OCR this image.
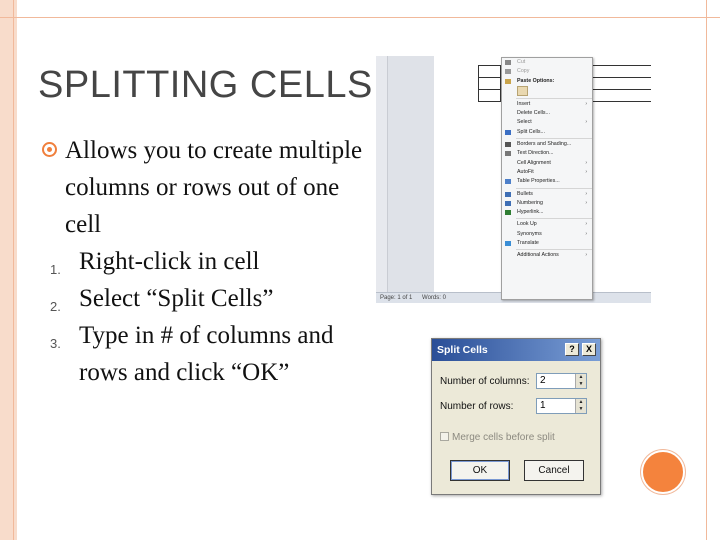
SPLITTING CELLS
Allows you to create multiple columns or rows out of one cell
1. Right-click in cell
2. Select “Split Cells”
3. Type in # of columns and rows and click “OK”
Page: 1 of 1 Words: 0
Cut
Copy
Paste Options:
Insert	›
Delete Cells...
Select	›
Split Cells...
Borders and Shading...
Text Direction...
Cell Alignment	›
AutoFit	›
Table Properties...
Bullets	›
Numbering	›
Hyperlink...
Look Up	›
Synonyms	›
Translate
Additional Actions	›
Split Cells	?	X
Number of columns:	2	▲
▼
Number of rows:	1	▲
▼
Merge cells before split
OK	Cancel
